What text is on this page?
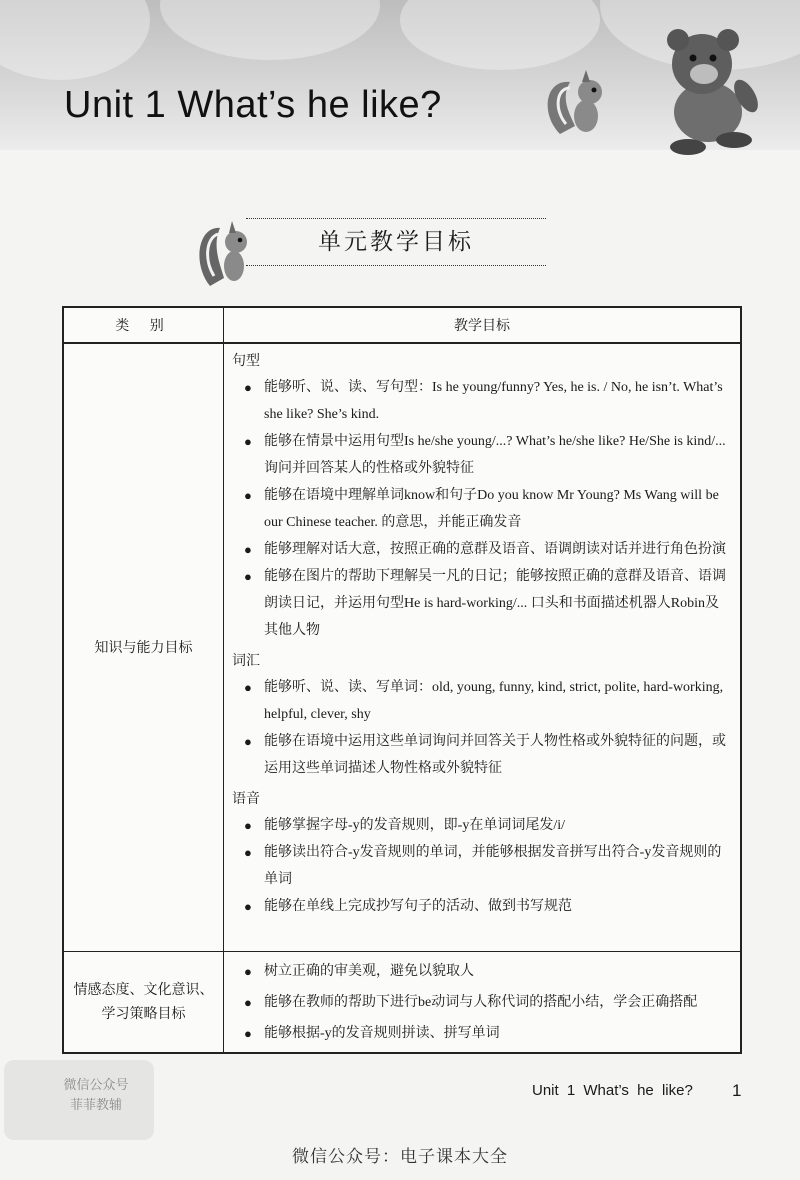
Unit 1 What’s he like?
单元教学目标
类 别	教学目标
知识与能力目标
句型
● 能够听、说、读、写句型：Is he young/funny? Yes, he is. / No, he isn’t. What’s she like? She’s kind.
● 能够在情景中运用句型Is he/she young/...? What’s he/she like? He/She is kind/... 询问并回答某人的性格或外貌特征
● 能够在语境中理解单词know和句子Do you know Mr Young? Ms Wang will be our Chinese teacher. 的意思，并能正确发音
● 能够理解对话大意，按照正确的意群及语音、语调朗读对话并进行角色扮演
● 能够在图片的帮助下理解吴一凡的日记；能够按照正确的意群及语音、语调朗读日记，并运用句型He is hard-working/... 口头和书面描述机器人Robin及其他人物
词汇
● 能够听、说、读、写单词：old, young, funny, kind, strict, polite, hard-working, helpful, clever, shy
● 能够在语境中运用这些单词询问并回答关于人物性格或外貌特征的问题，或运用这些单词描述人物性格或外貌特征
语音
● 能够掌握字母-y的发音规则，即-y在单词词尾发/i/
● 能够读出符合-y发音规则的单词，并能够根据发音拼写出符合-y发音规则的单词
● 能够在单线上完成抄写句子的活动、做到书写规范
情感态度、文化意识、
学习策略目标
● 树立正确的审美观，避免以貌取人
● 能够在教师的帮助下进行be动词与人称代词的搭配小结，学会正确搭配
● 能够根据-y的发音规则拼读、拼写单词
微信公众号
菲菲教辅
Unit 1 What’s he like? 1
微信公众号：电子课本大全
